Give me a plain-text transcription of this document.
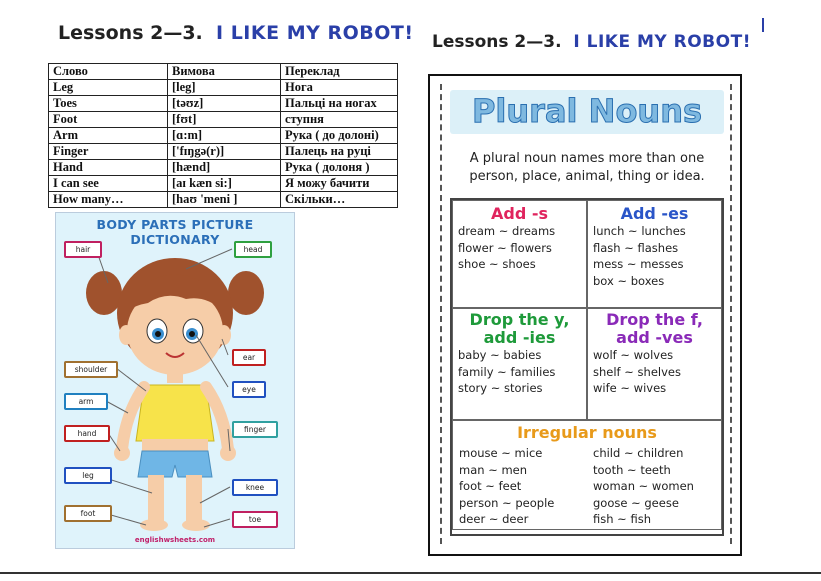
Lessons 2—3. I LIKE MY ROBOT! Lessons 2—3. I LIKE MY ROBOT!
Слово	Вимова	Переклад
Leg	[leg]	Нога
Toes	[təʊz]	Пальці на ногах
Foot	[fʊt]	ступня
Arm	[ɑ:m]	Рука ( до долоні)
Finger	['fɪŋgə(r)]	Палець на руці
Hand	[hænd]	Рука ( долоня )
I can see	[aɪ kæn si:]	Я можу бачити
How many…	[haʊ 'meni ]	Скільки…
BODY PARTS PICTURE DICTIONARY
hair	head
ear
eye
shoulder
arm
hand	finger
leg
knee
foot
toe
englishwsheets.com
Plural Nouns
A plural noun names more than one person, place, animal, thing or idea.
Add -s
dream ~ dreams
flower ~ flowers
shoe ~ shoes
Add -es
lunch ~ lunches
flash ~ flashes
mess ~ messes
box ~ boxes
Drop the y,
add -ies
baby ~ babies
family ~ families
story ~ stories
Drop the f,
add -ves
wolf ~ wolves
shelf ~ shelves
wife ~ wives
Irregular nouns
mouse ~ mice
man ~ men
foot ~ feet
person ~ people
deer ~ deer
child ~ children
tooth ~ teeth
woman ~ women
goose ~ geese
fish ~ fish
